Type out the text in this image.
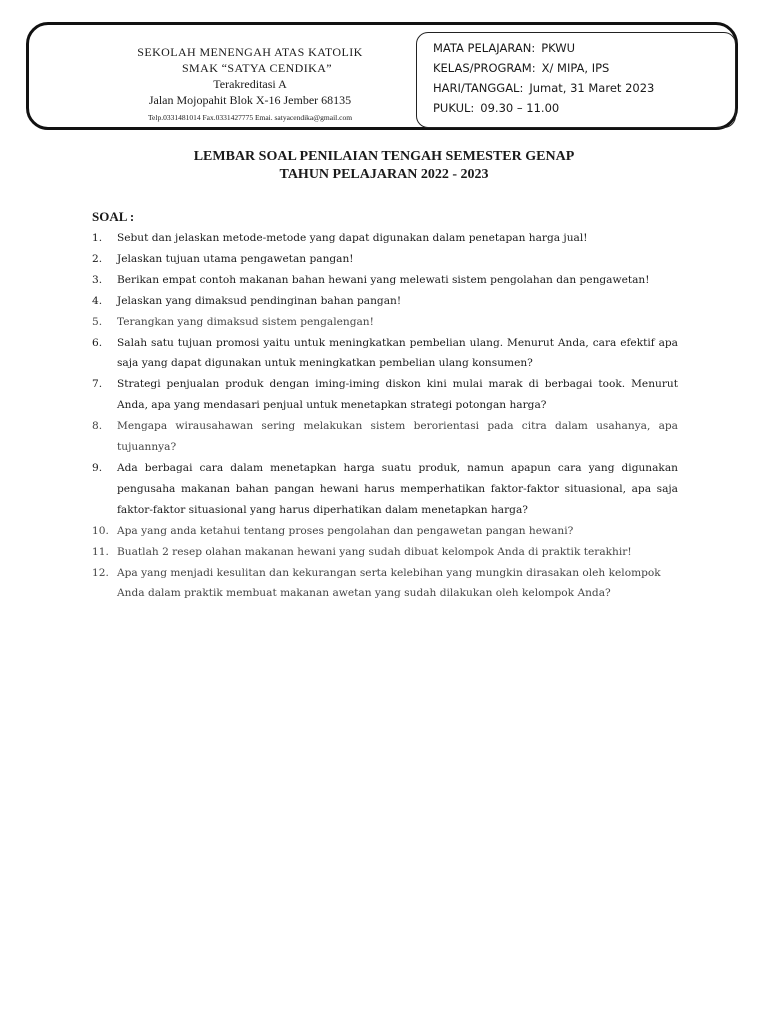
SEKOLAH MENENGAH ATAS KATOLIK
SMAK “SATYA CENDIKA”
Terakreditasi A
Jalan Mojopahit Blok X-16 Jember 68135
Telp.0331481014 Fax.0331427775 Emai. satyacendika@gmail.com
MATA PELAJARAN: PKWU
KELAS/PROGRAM: X/ MIPA, IPS
HARI/TANGGAL: Jumat, 31 Maret 2023
PUKUL: 09.30 – 11.00
LEMBAR SOAL PENILAIAN TENGAH SEMESTER GENAP
TAHUN PELAJARAN 2022 - 2023
SOAL :
1. Sebut dan jelaskan metode-metode yang dapat digunakan dalam penetapan harga jual!
2. Jelaskan tujuan utama pengawetan pangan!
3. Berikan empat contoh makanan bahan hewani yang melewati sistem pengolahan dan pengawetan!
4. Jelaskan yang dimaksud pendinginan bahan pangan!
5. Terangkan yang dimaksud sistem pengalengan!
6. Salah satu tujuan promosi yaitu untuk meningkatkan pembelian ulang. Menurut Anda, cara efektif apa saja yang dapat digunakan untuk meningkatkan pembelian ulang konsumen?
7. Strategi penjualan produk dengan iming-iming diskon kini mulai marak di berbagai took. Menurut Anda, apa yang mendasari penjual untuk menetapkan strategi potongan harga?
8. Mengapa wirausahawan sering melakukan sistem berorientasi pada citra dalam usahanya, apa tujuannya?
9. Ada berbagai cara dalam menetapkan harga suatu produk, namun apapun cara yang digunakan pengusaha makanan bahan pangan hewani harus memperhatikan faktor-faktor situasional, apa saja faktor-faktor situasional yang harus diperhatikan dalam menetapkan harga?
10. Apa yang anda ketahui tentang proses pengolahan dan pengawetan pangan hewani?
11. Buatlah 2 resep olahan makanan hewani yang sudah dibuat kelompok Anda di praktik terakhir!
12. Apa yang menjadi kesulitan dan kekurangan serta kelebihan yang mungkin dirasakan oleh kelompok Anda dalam praktik membuat makanan awetan yang sudah dilakukan oleh kelompok Anda?
